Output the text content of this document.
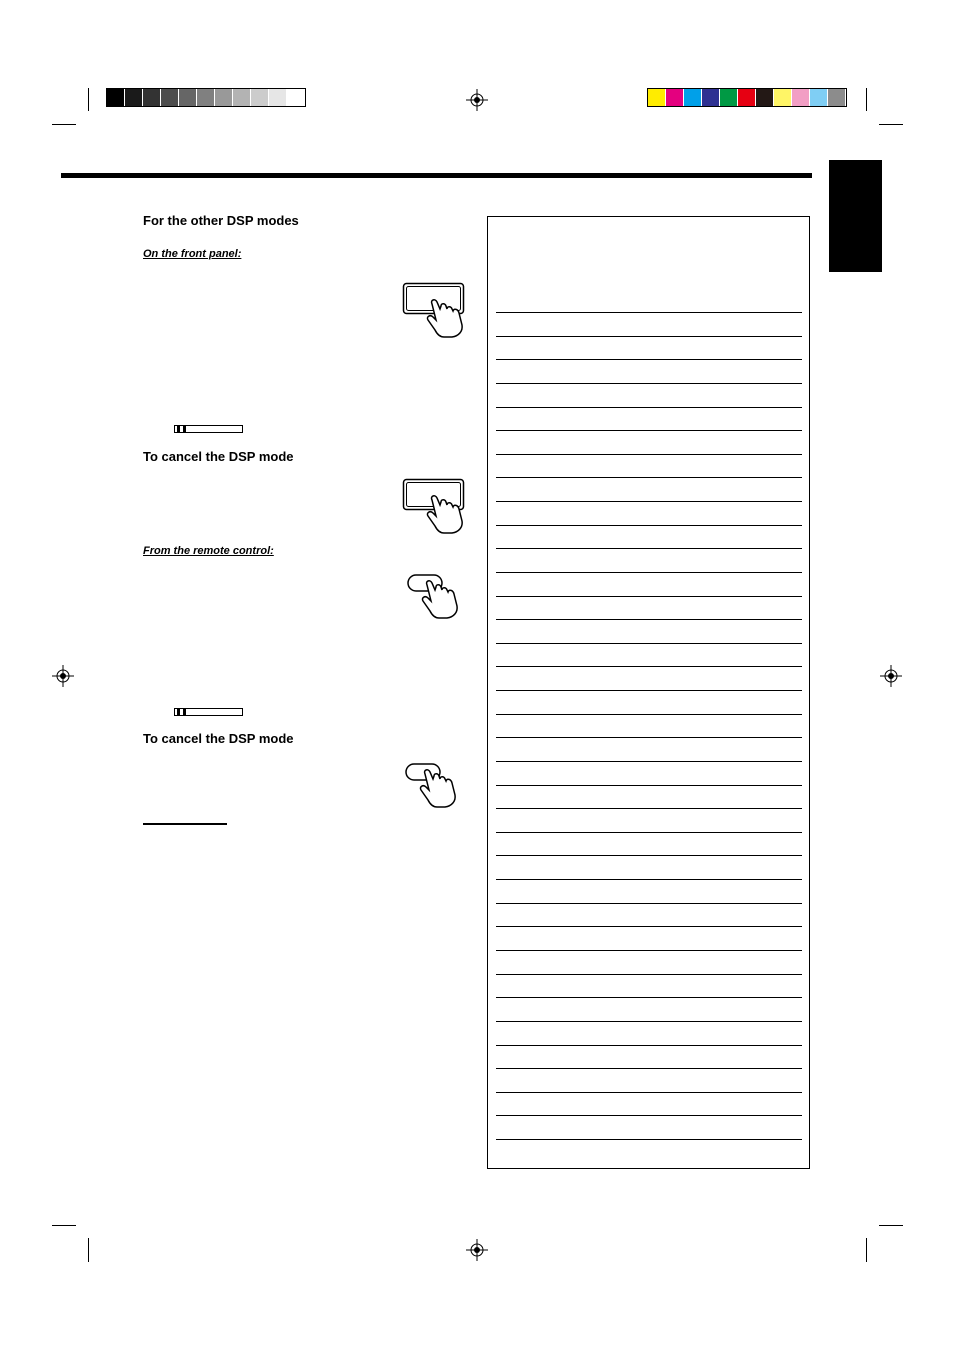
For the other DSP modes
On the front panel:
To cancel the DSP mode
From the remote control:
To cancel the DSP mode
